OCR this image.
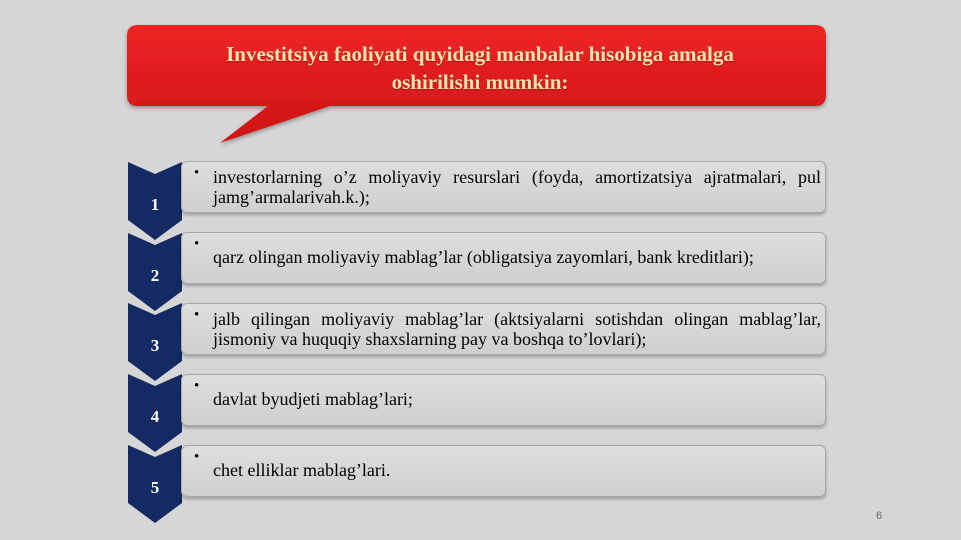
Investitsiya faoliyati quyidagi manbalar hisobiga amalga
oshirilishi mumkin:
1
• investorlarning o’z moliyaviy resurslari (foyda, amortizatsiya ajratmalari, pul jamg’armalarivah.k.);
2
•
qarz olingan moliyaviy mablag’lar (obligatsiya zayomlari, bank kreditlari);
3
• jalb qilingan moliyaviy mablag’lar (aktsiyalarni sotishdan olingan mablag’lar, jismoniy va huquqiy shaxslarning pay va boshqa to’lovlari);
4
•
davlat byudjeti mablag’lari;
5
•
chet elliklar mablag’lari.
6
